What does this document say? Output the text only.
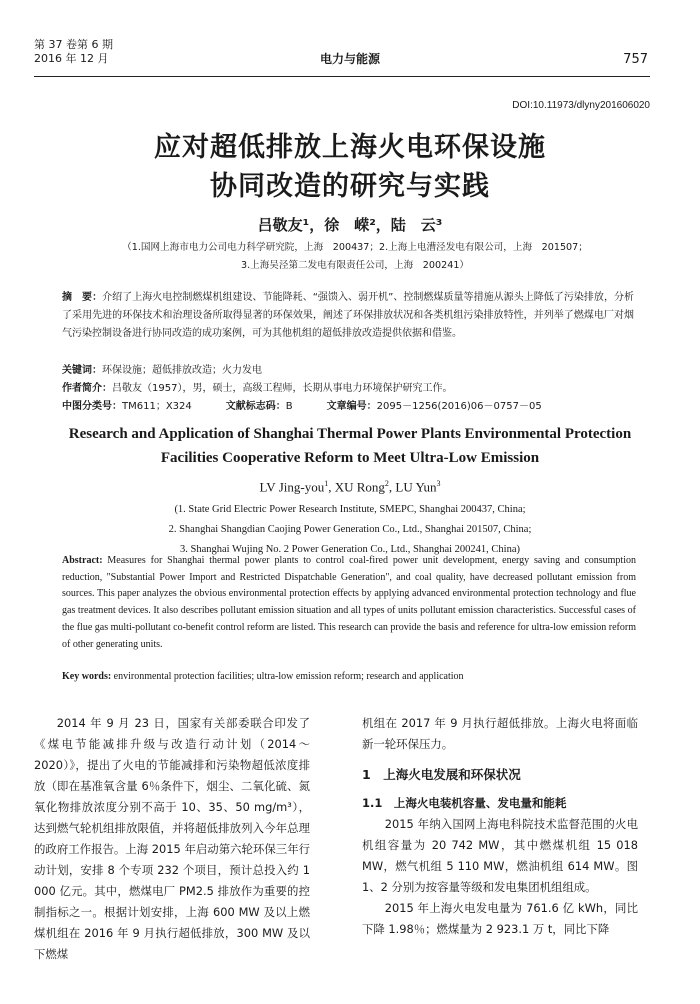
第 37 卷第 6 期
2016 年 12 月	电力与能源	757
DOI:10.11973/dlyny201606020
应对超低排放上海火电环保设施
协同改造的研究与实践
吕敬友¹，徐　嵘²，陆　云³
（1.国网上海市电力公司电力科学研究院，上海　200437；2.上海上电漕泾发电有限公司，上海　201507；
3.上海吴泾第二发电有限责任公司，上海　200241）
摘　要：介绍了上海火电控制燃煤机组建设、节能降耗、“强馈入、弱开机”、控制燃煤质量等措施从源头上降低了污染排放，分析了采用先进的环保技术和治理设备所取得显著的环保效果，阐述了环保排放状况和各类机组污染排放特性，并列举了燃煤电厂对烟气污染控制设备进行协同改造的成功案例，可为其他机组的超低排放改造提供依据和借鉴。
关键词：环保设施；超低排放改造；火力发电
作者简介：吕敬友（1957），男，硕士，高级工程师，长期从事电力环境保护研究工作。
中图分类号：TM611；X324	文献标志码：B	文章编号：2095－1256(2016)06－0757－05
Research and Application of Shanghai Thermal Power Plants Environmental Protection
Facilities Cooperative Reform to Meet Ultra-Low Emission
LV Jing-you$^1$, XU Rong$^2$, LU Yun$^3$
(1. State Grid Electric Power Research Institute, SMEPC, Shanghai 200437, China;
2. Shanghai Shangdian Caojing Power Generation Co., Ltd., Shanghai 201507, China;
3. Shanghai Wujing No. 2 Power Generation Co., Ltd., Shanghai 200241, China)
Abstract: Measures for Shanghai thermal power plants to control coal-fired power unit development, energy saving and consumption reduction, "Substantial Power Import and Restricted Dispatchable Generation", and coal quality, have decreased pollutant emission from sources. This paper analyzes the obvious environmental protection effects by applying advanced environmental protection technology and flue gas treatment devices. It also describes pollutant emission situation and all types of units pollutant emission characteristics. Successful cases of the flue gas multi-pollutant co-benefit control reform are listed. This research can provide the basis and reference for ultra-low emission reform of other generating units.
Key words: environmental protection facilities; ultra-low emission reform; research and application

2014 年 9 月 23 日，国家有关部委联合印发了《煤电节能减排升级与改造行动计划（2014～2020）》，提出了火电的节能减排和污染物超低浓度排放（即在基准氧含量 6％条件下，烟尘、二氧化硫、氮氧化物排放浓度分别不高于 10、35、50 mg/m³），达到燃气轮机组排放限值，并将超低排放列入今年总理的政府工作报告。上海 2015 年启动第六轮环保三年行动计划，安排 8 个专项 232 个项目，预计总投入约 1 000 亿元。其中，燃煤电厂 PM2.5 排放作为重要的控制指标之一。根据计划安排，上海 600 MW 及以上燃煤机组在 2016 年 9 月执行超低排放，300 MW 及以下燃煤

机组在 2017 年 9 月执行超低排放。上海火电将面临新一轮环保压力。

1　上海火电发展和环保状况
1.1　上海火电装机容量、发电量和能耗

2015 年纳入国网上海电科院技术监督范围的火电机组容量为 20 742 MW，其中燃煤机组 15 018 MW，燃气机组 5 110 MW，燃油机组 614 MW。图 1、2 分别为按容量等级和发电集团机组组成。

2015 年上海火电发电量为 761.6 亿 kWh，同比下降 1.98％；燃煤量为 2 923.1 万 t，同比下降
